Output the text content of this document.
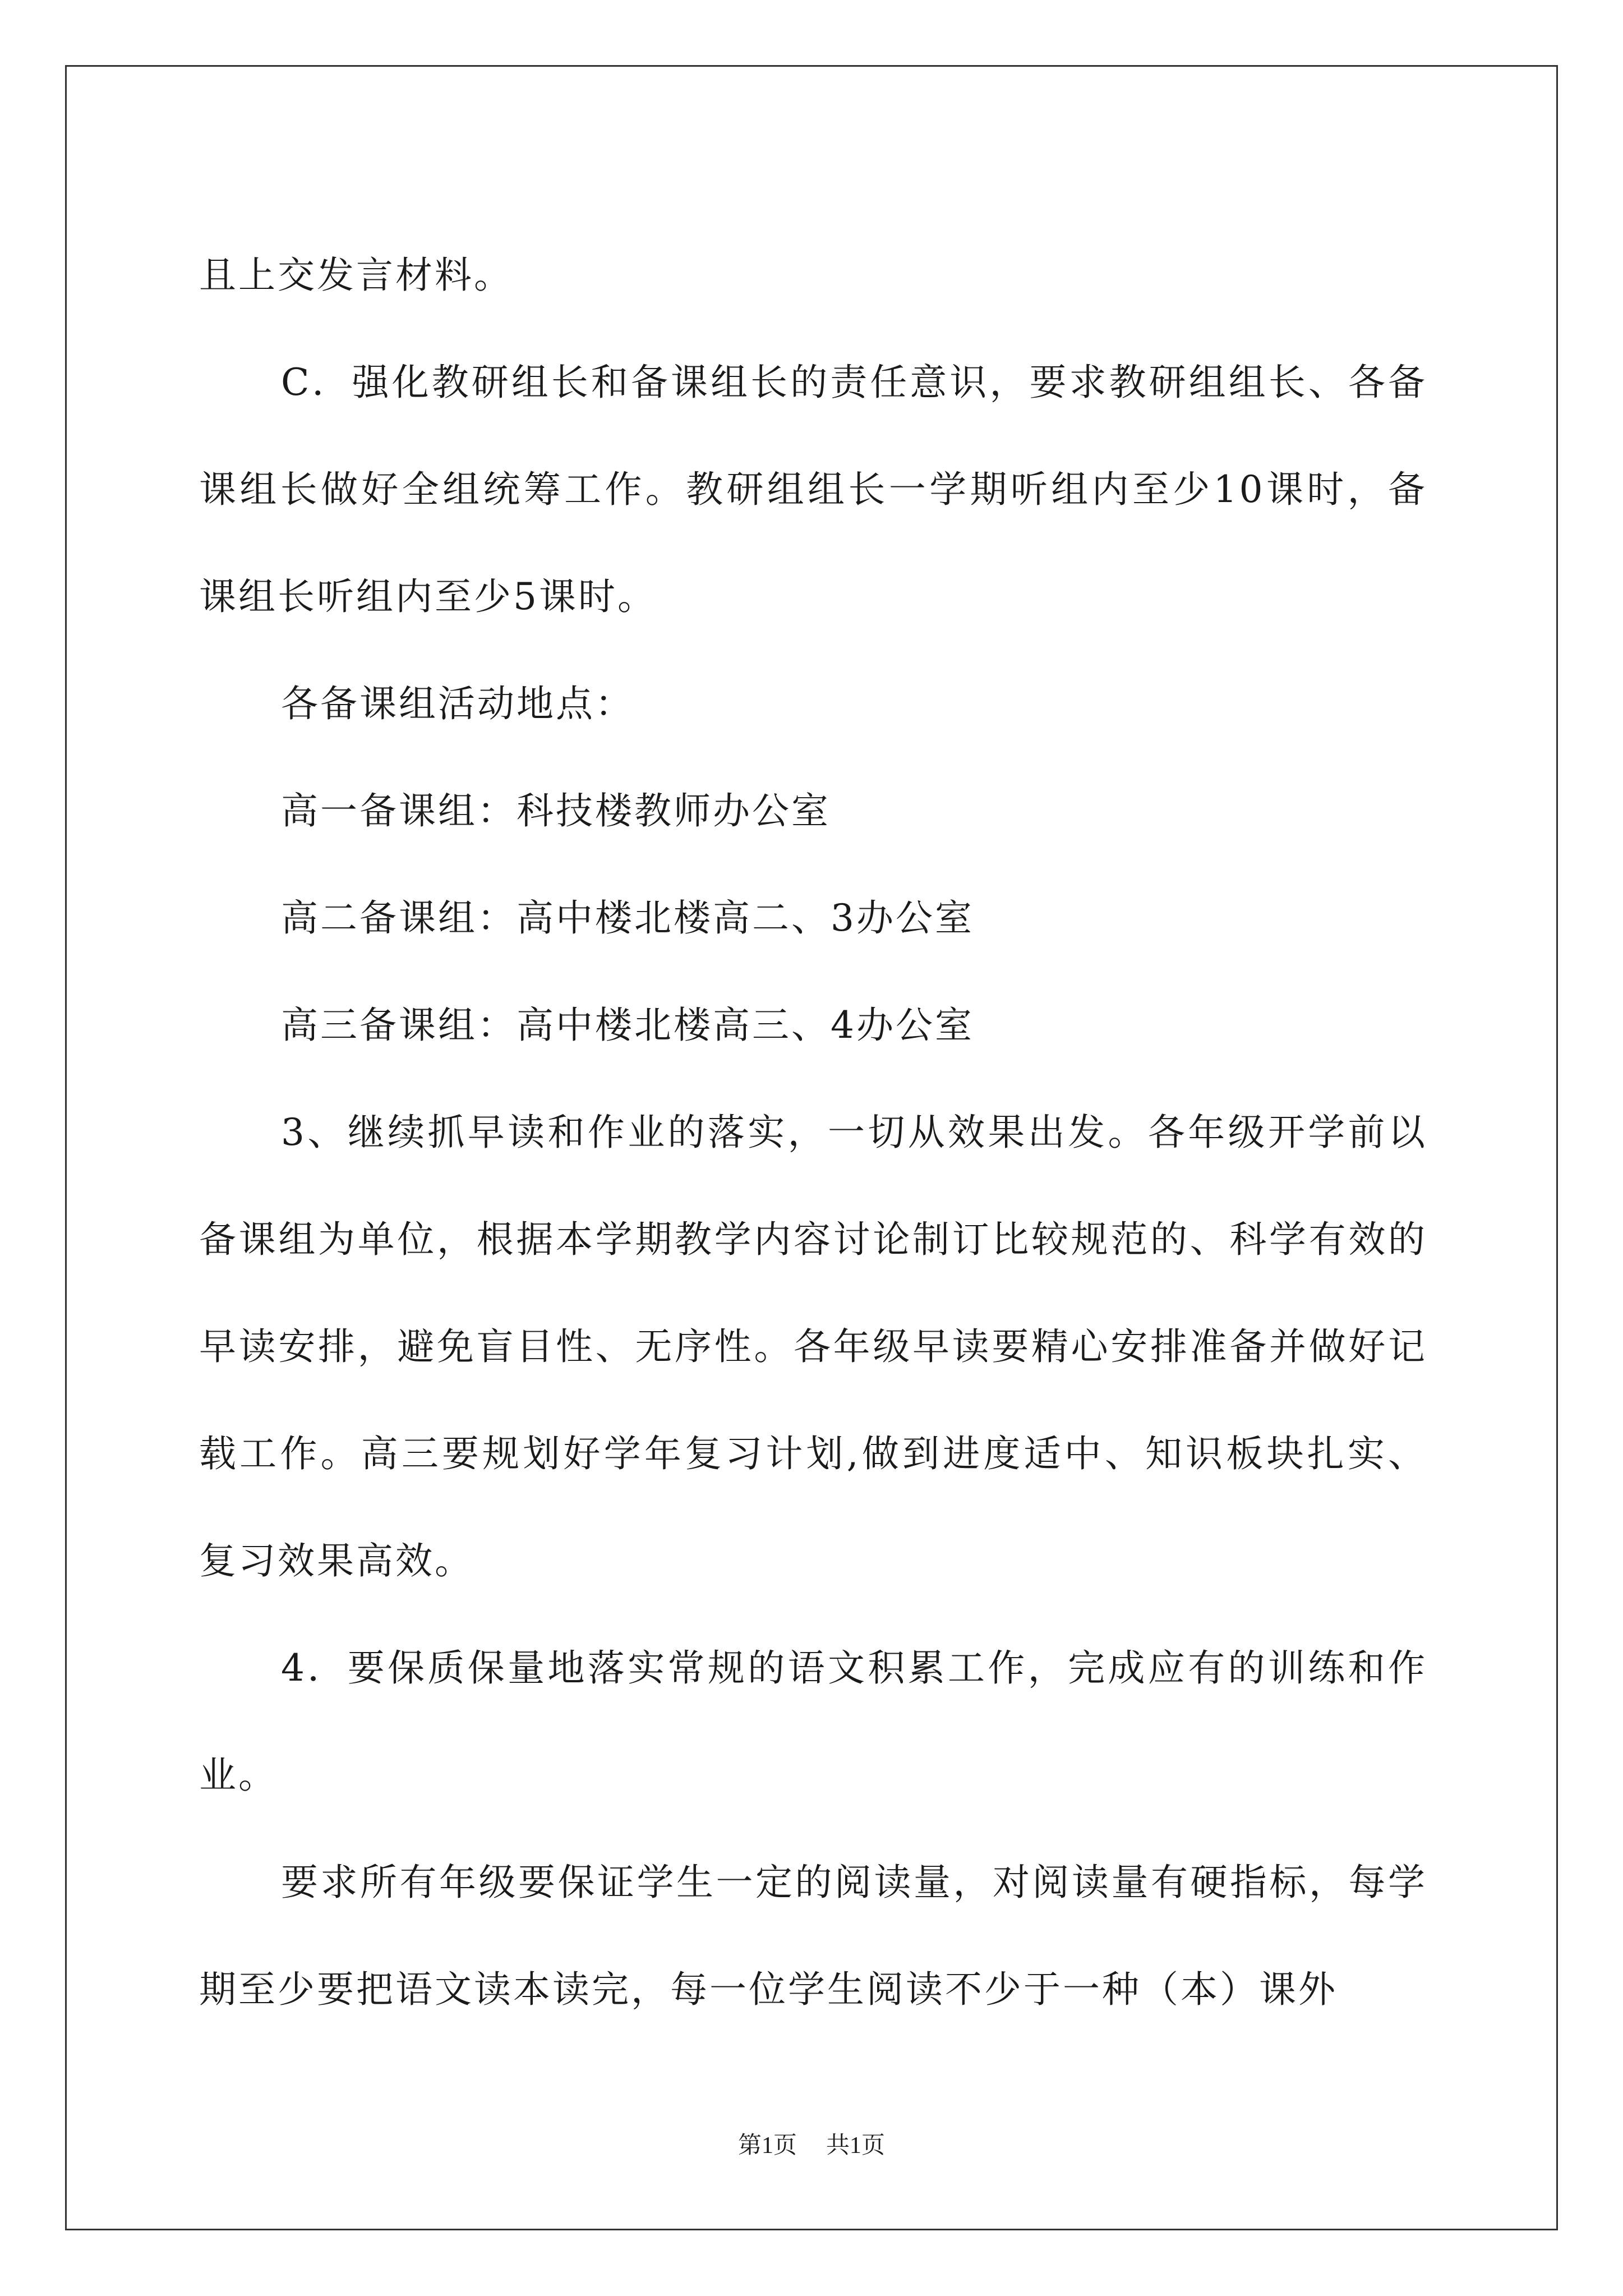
且上交发言材料。

C．强化教研组长和备课组长的责任意识，要求教研组组长、各备课组长做好全组统筹工作。教研组组长一学期听组内至少10课时，备课组长听组内至少5课时。

各备课组活动地点：

高一备课组：科技楼教师办公室

高二备课组：高中楼北楼高二、3办公室

高三备课组：高中楼北楼高三、4办公室

3、继续抓早读和作业的落实，一切从效果出发。各年级开学前以备课组为单位，根据本学期教学内容讨论制订比较规范的、科学有效的早读安排，避免盲目性、无序性。各年级早读要精心安排准备并做好记载工作。高三要规划好学年复习计划,做到进度适中、知识板块扎实、复习效果高效。

4．要保质保量地落实常规的语文积累工作，完成应有的训练和作业。

要求所有年级要保证学生一定的阅读量，对阅读量有硬指标，每学期至少要把语文读本读完，每一位学生阅读不少于一种（本）课外

第1页 共1页
